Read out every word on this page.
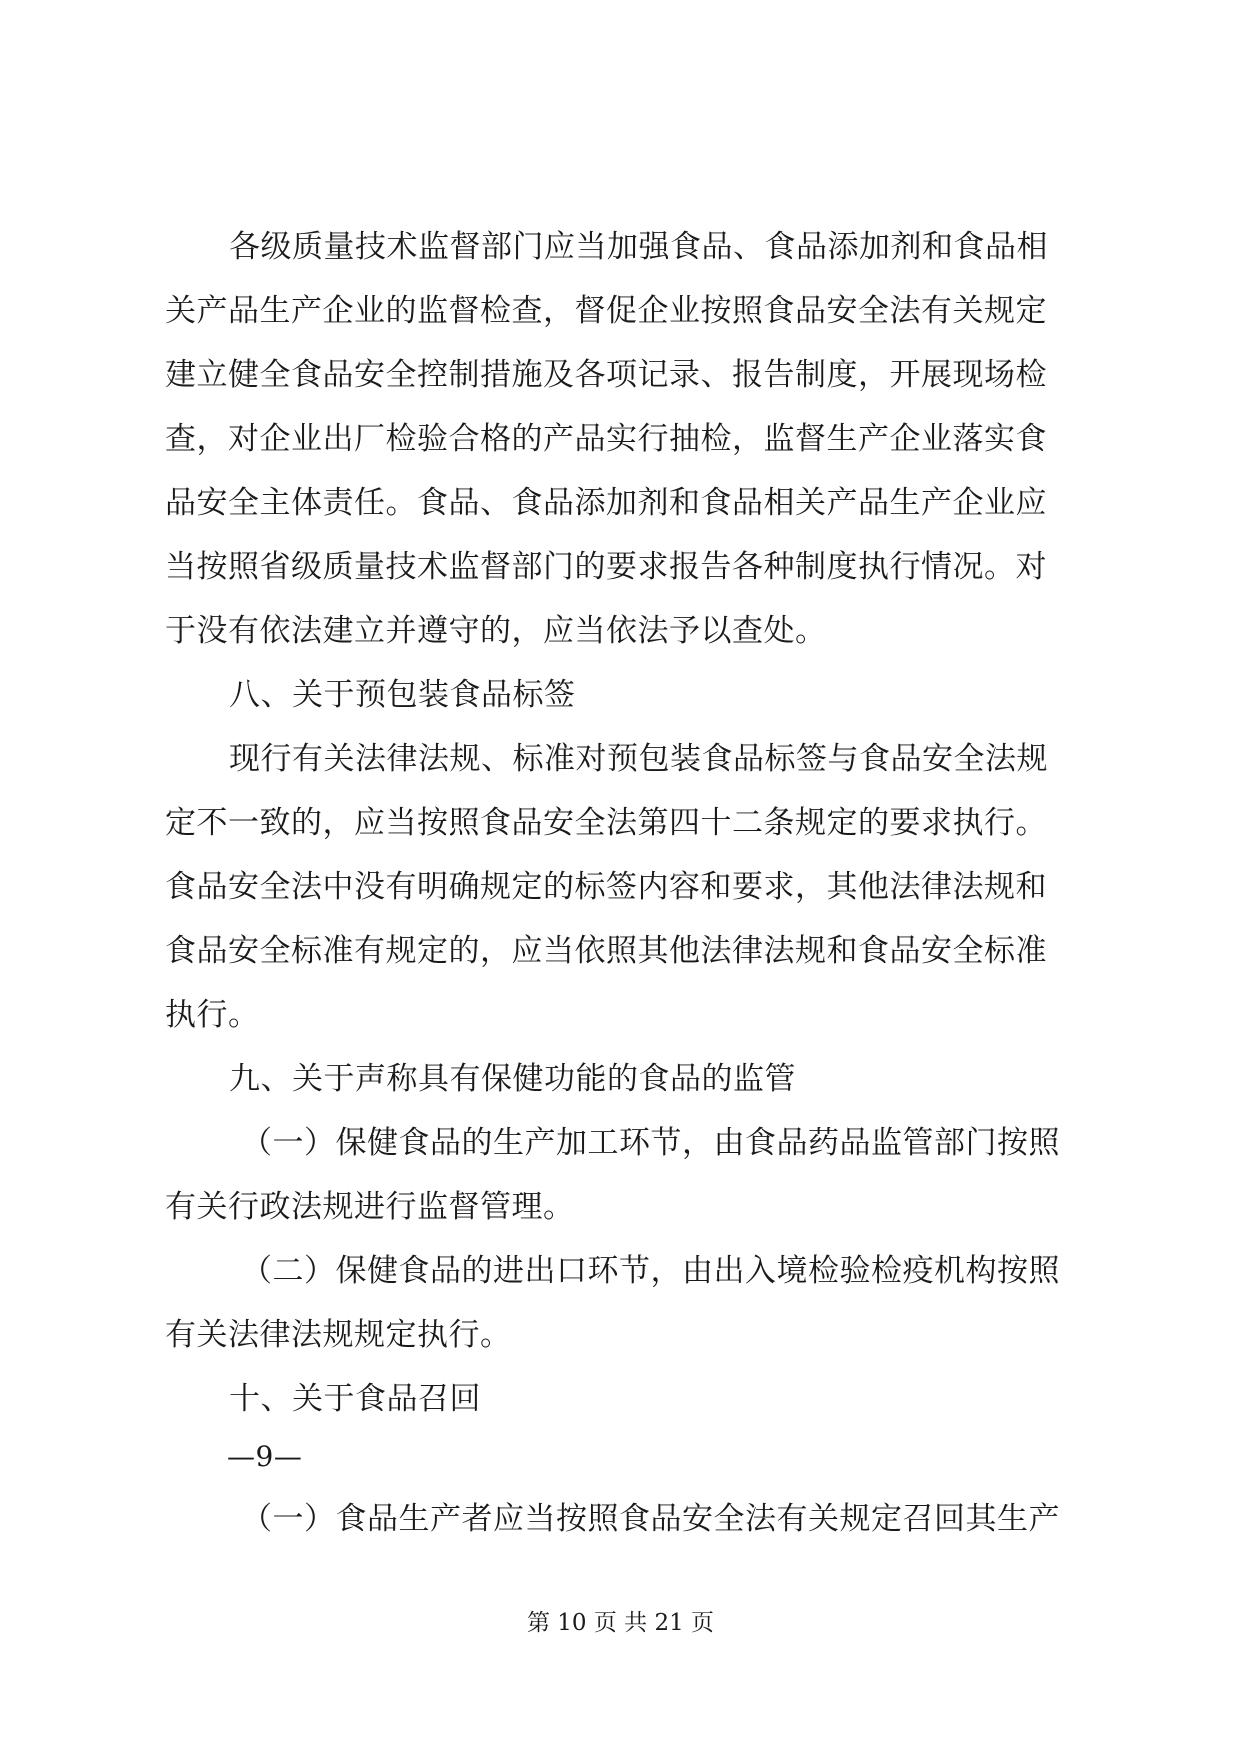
各级质量技术监督部门应当加强食品、食品添加剂和食品相
关产品生产企业的监督检查，督促企业按照食品安全法有关规定
建立健全食品安全控制措施及各项记录、报告制度，开展现场检
查，对企业出厂检验合格的产品实行抽检，监督生产企业落实食
品安全主体责任。食品、食品添加剂和食品相关产品生产企业应
当按照省级质量技术监督部门的要求报告各种制度执行情况。对
于没有依法建立并遵守的，应当依法予以查处。
八、关于预包装食品标签
现行有关法律法规、标准对预包装食品标签与食品安全法规
定不一致的，应当按照食品安全法第四十二条规定的要求执行。
食品安全法中没有明确规定的标签内容和要求，其他法律法规和
食品安全标准有规定的，应当依照其他法律法规和食品安全标准
执行。
九、关于声称具有保健功能的食品的监管
（一）保健食品的生产加工环节，由食品药品监管部门按照
有关行政法规进行监督管理。
（二）保健食品的进出口环节，由出入境检验检疫机构按照
有关法律法规规定执行。
十、关于食品召回
—9—
（一）食品生产者应当按照食品安全法有关规定召回其生产
第 10 页 共 21 页
